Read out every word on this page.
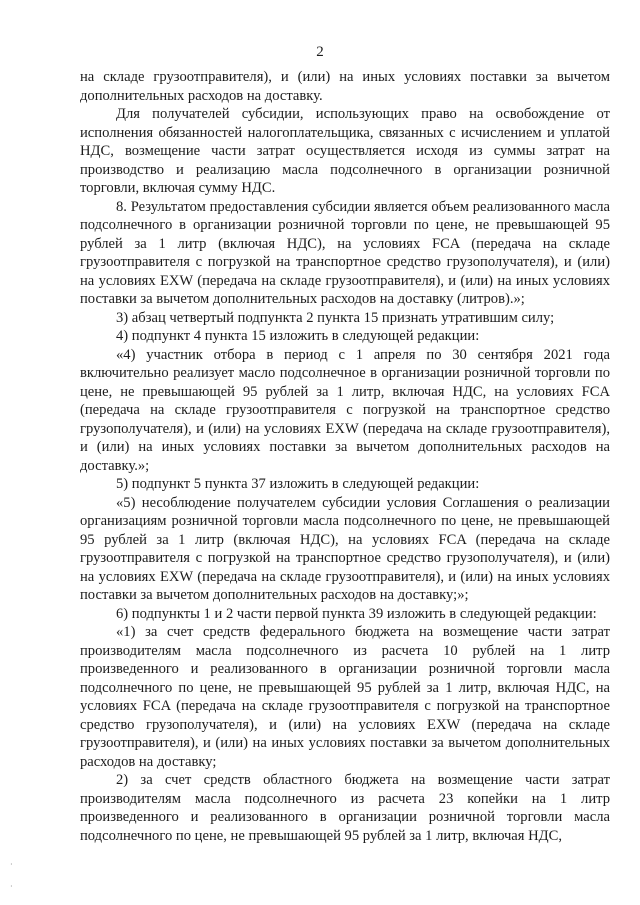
2

на складе грузоотправителя), и (или) на иных условиях поставки за вычетом дополнительных расходов на доставку.

Для получателей субсидии, использующих право на освобождение от исполнения обязанностей налогоплательщика, связанных с исчислением и уплатой НДС, возмещение части затрат осуществляется исходя из суммы затрат на производство и реализацию масла подсолнечного в организации розничной торговли, включая сумму НДС.

8. Результатом предоставления субсидии является объем реализованного масла подсолнечного в организации розничной торговли по цене, не превышающей 95 рублей за 1 литр (включая НДС), на условиях FCA (передача на складе грузоотправителя с погрузкой на транспортное средство грузополучателя), и (или) на условиях EXW (передача на складе грузоотправителя), и (или) на иных условиях поставки за вычетом дополнительных расходов на доставку (литров).»;

3) абзац четвертый подпункта 2 пункта 15 признать утратившим силу;

4) подпункт 4 пункта 15 изложить в следующей редакции:

«4) участник отбора в период с 1 апреля по 30 сентября 2021 года включительно реализует масло подсолнечное в организации розничной торговли по цене, не превышающей 95 рублей за 1 литр, включая НДС, на условиях FCA (передача на складе грузоотправителя с погрузкой на транспортное средство грузополучателя), и (или) на условиях EXW (передача на складе грузоотправителя), и (или) на иных условиях поставки за вычетом дополнительных расходов на доставку.»;

5) подпункт 5 пункта 37 изложить в следующей редакции:

«5) несоблюдение получателем субсидии условия Соглашения о реализации организациям розничной торговли масла подсолнечного по цене, не превышающей 95 рублей за 1 литр (включая НДС), на условиях FCA (передача на складе грузоотправителя с погрузкой на транспортное средство грузополучателя), и (или) на условиях EXW (передача на складе грузоотправителя), и (или) на иных условиях поставки за вычетом дополнительных расходов на доставку;»;

6) подпункты 1 и 2 части первой пункта 39 изложить в следующей редакции:

«1) за счет средств федерального бюджета на возмещение части затрат производителям масла подсолнечного из расчета 10 рублей на 1 литр произведенного и реализованного в организации розничной торговли масла подсолнечного по цене, не превышающей 95 рублей за 1 литр, включая НДС, на условиях FCA (передача на складе грузоотправителя с погрузкой на транспортное средство грузополучателя), и (или) на условиях EXW (передача на складе грузоотправителя), и (или) на иных условиях поставки за вычетом дополнительных расходов на доставку;

2) за счет средств областного бюджета на возмещение части затрат производителям масла подсолнечного из расчета 23 копейки на 1 литр произведенного и реализованного в организации розничной торговли масла подсолнечного по цене, не превышающей 95 рублей за 1 литр, включая НДС,

·
·
